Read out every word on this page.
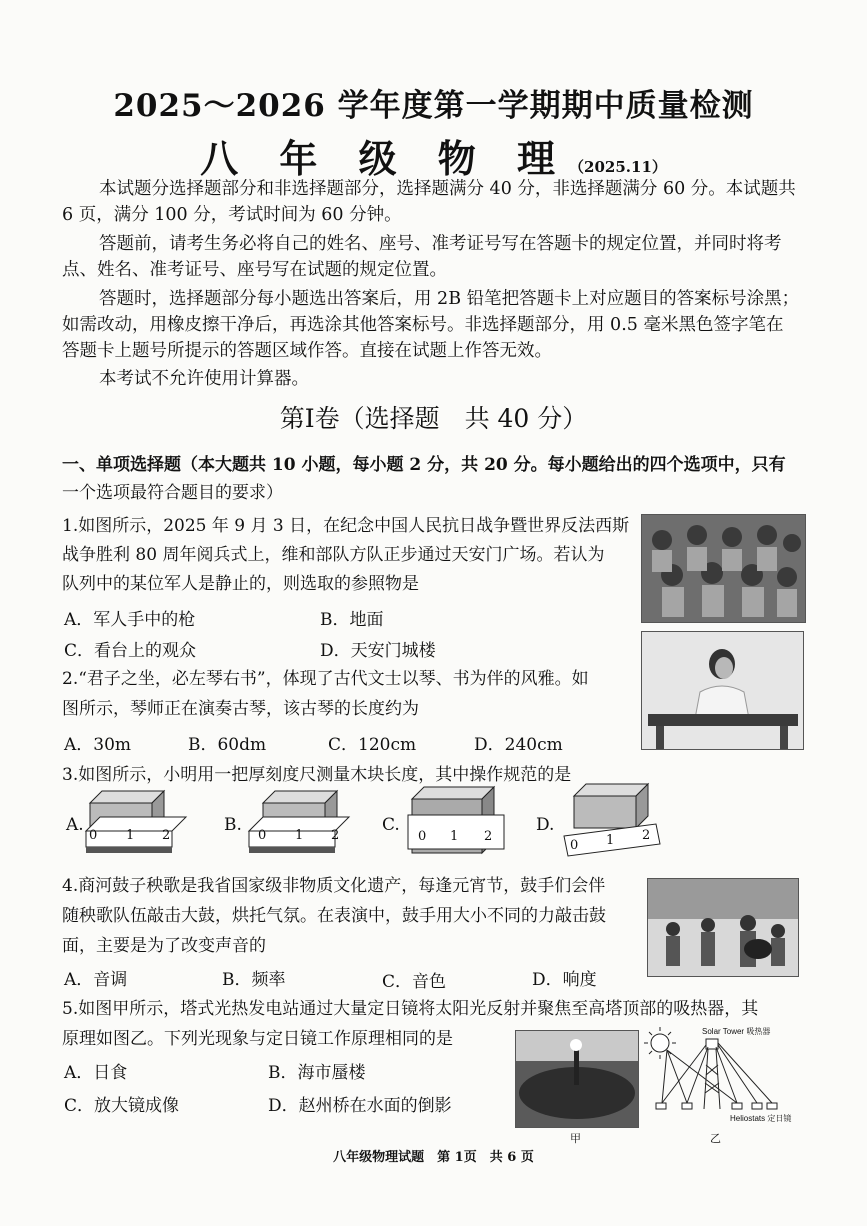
2025～2026 学年度第一学期期中质量检测
八 年 级 物 理（2025.11）
本试题分选择题部分和非选择题部分，选择题满分 40 分，非选择题满分 60 分。本试题共
6 页，满分 100 分，考试时间为 60 分钟。
答题前，请考生务必将自己的姓名、座号、准考证号写在答题卡的规定位置，并同时将考
点、姓名、准考证号、座号写在试题的规定位置。
答题时，选择题部分每小题选出答案后，用 2B 铅笔把答题卡上对应题目的答案标号涂黑；
如需改动，用橡皮擦干净后，再选涂其他答案标号。非选择题部分，用 0.5 毫米黑色签字笔在
答题卡上题号所提示的答题区域作答。直接在试题上作答无效。
本考试不允许使用计算器。
第Ⅰ卷（选择题　共 40 分）
一、单项选择题（本大题共 10 小题，每小题 2 分，共 20 分。每小题给出的四个选项中，只有
一个选项最符合题目的要求）
1.如图所示，2025 年 9 月 3 日，在纪念中国人民抗日战争暨世界反法西斯
战争胜利 80 周年阅兵式上，维和部队方队正步通过天安门广场。若认为
队列中的某位军人是静止的，则选取的参照物是
A．军人手中的枪	B．地面
C．看台上的观众	D．天安门城楼
2.“君子之坐，必左琴右书”，体现了古代文士以琴、书为伴的风雅。如
图所示，琴师正在演奏古琴，该古琴的长度约为
A．30m	B．60dm	C．120cm	D．240cm
3.如图所示，小明用一把厚刻度尺测量木块长度，其中操作规范的是
A.	B.	C.	D.
0 1 2	0 1 2	0 1 2
0 1 2
4.商河鼓子秧歌是我省国家级非物质文化遗产，每逢元宵节，鼓手们会伴
随秧歌队伍敲击大鼓，烘托气氛。在表演中，鼓手用大小不同的力敲击鼓
面，主要是为了改变声音的
A．音调	B．频率	C．音色	D．响度
5.如图甲所示，塔式光热发电站通过大量定日镜将太阳光反射并聚焦至高塔顶部的吸热器，其
原理如图乙。下列光现象与定日镜工作原理相同的是
A．日食	B．海市蜃楼
C．放大镜成像	D．赵州桥在水面的倒影
甲
Solar Tower 吸热器
Heliostats 定日镜
乙
八年级物理试题　第 1页　共 6 页
